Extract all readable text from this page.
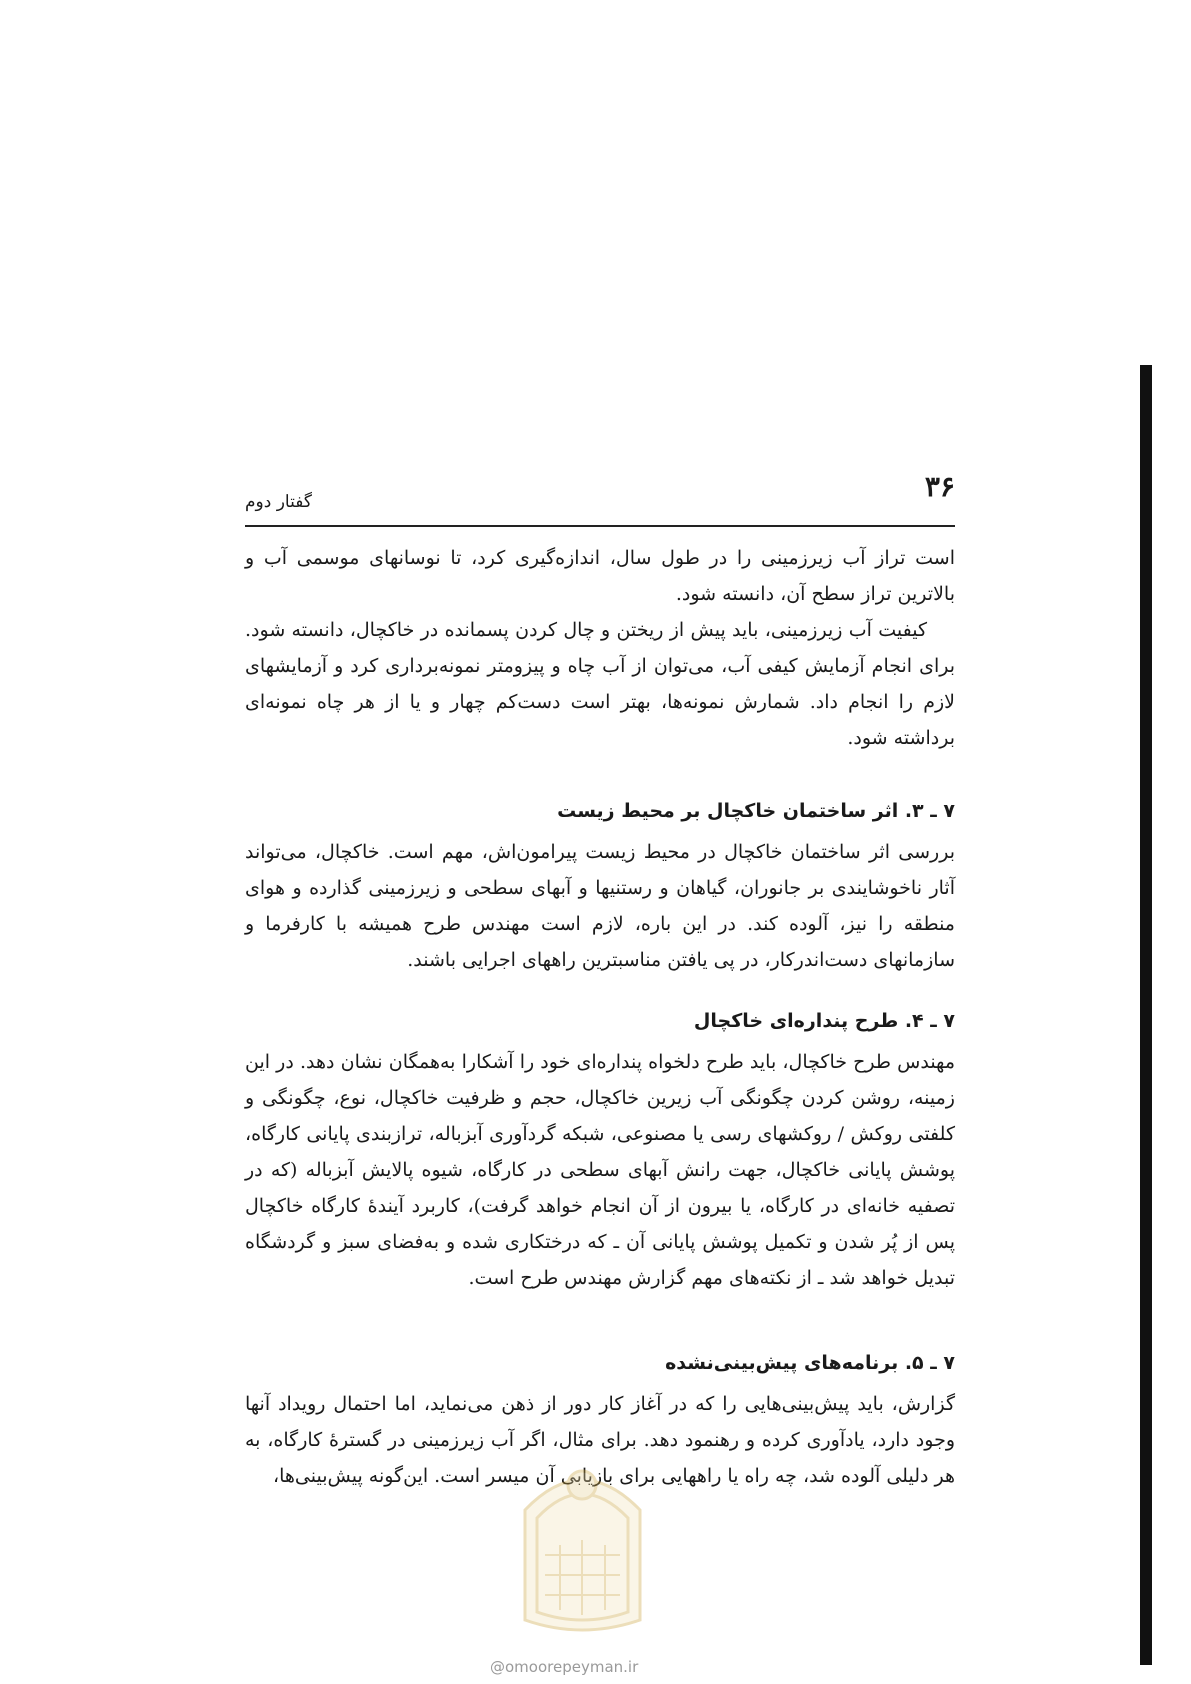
۳۶
گفتار دوم

است تراز آب زیرزمینی را در طول سال، اندازه‌گیری کرد، تا نوسانهای موسمی آب و بالاترین تراز سطح آن، دانسته شود.

کیفیت آب زیرزمینی، باید پیش از ریختن و چال کردن پسمانده در خاکچال، دانسته شود. برای انجام آزمایش کیفی آب، می‌توان از آب چاه و پیزومتر نمونه‌برداری کرد و آزمایشهای لازم را انجام داد. شمارش نمونه‌ها، بهتر است دست‌کم چهار و یا از هر چاه نمونه‌ای برداشته شود.

۷ ـ ۳. اثر ساختمان خاکچال بر محیط زیست

بررسی اثر ساختمان خاکچال در محیط زیست پیرامون‌اش، مهم است. خاکچال، می‌تواند آثار ناخوشایندی بر جانوران، گیاهان و رستنیها و آبهای سطحی و زیرزمینی گذارده و هوای منطقه را نیز، آلوده کند. در این باره، لازم است مهندس طرح همیشه با کارفرما و سازمانهای دست‌اندرکار، در پی یافتن مناسبترین راههای اجرایی باشند.

۷ ـ ۴. طرح پنداره‌ای خاکچال

مهندس طرح خاکچال، باید طرح دلخواه پنداره‌ای خود را آشکارا به‌همگان نشان دهد. در این زمینه، روشن کردن چگونگی آب زیرین خاکچال، حجم و ظرفیت خاکچال، نوع، چگونگی و کلفتی روکش / روکشهای رسی یا مصنوعی، شبکه گردآوری آبزباله، ترازبندی پایانی کارگاه، پوشش پایانی خاکچال، جهت رانش آبهای سطحی در کارگاه، شیوه پالایش آبزباله (که در تصفیه خانه‌ای در کارگاه، یا بیرون از آن انجام خواهد گرفت)، کاربرد آیندهٔ کارگاه خاکچال پس از پُر شدن و تکمیل پوشش پایانی آن ـ که درختکاری شده و به‌فضای سبز و گردشگاه تبدیل خواهد شد ـ از نکته‌های مهم گزارش مهندس طرح است.

۷ ـ ۵. برنامه‌های پیش‌بینی‌نشده

گزارش، باید پیش‌بینی‌هایی را که در آغاز کار دور از ذهن می‌نماید، اما احتمال رویداد آنها وجود دارد، یادآوری کرده و رهنمود دهد. برای مثال، اگر آب زیرزمینی در گسترهٔ کارگاه، به هر دلیلی آلوده شد، چه راه یا راههایی برای بازیابی آن میسر است. این‌گونه پیش‌بینی‌ها،

@omoorepeyman.ir
